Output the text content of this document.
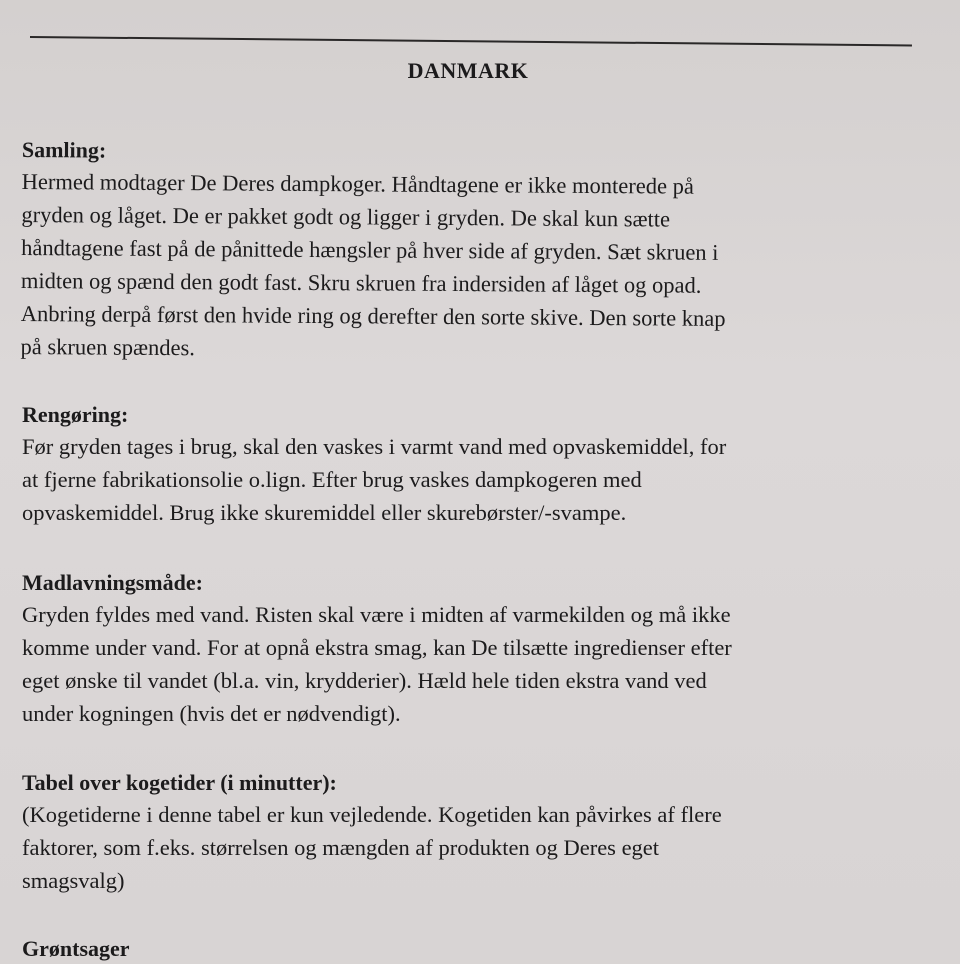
DANMARK

Samling:

Hermed modtager De Deres dampkoger. Håndtagene er ikke monterede på
gryden og låget. De er pakket godt og ligger i gryden. De skal kun sætte
håndtagene fast på de pånittede hængsler på hver side af gryden. Sæt skruen i
midten og spænd den godt fast. Skru skruen fra indersiden af låget og opad.
Anbring derpå først den hvide ring og derefter den sorte skive. Den sorte knap
på skruen spændes.

Rengøring:

Før gryden tages i brug, skal den vaskes i varmt vand med opvaskemiddel, for
at fjerne fabrikationsolie o.lign. Efter brug vaskes dampkogeren med
opvaskemiddel. Brug ikke skuremiddel eller skurebørster/-svampe.

Madlavningsmåde:

Gryden fyldes med vand. Risten skal være i midten af varmekilden og må ikke
komme under vand. For at opnå ekstra smag, kan De tilsætte ingredienser efter
eget ønske til vandet (bl.a. vin, krydderier). Hæld hele tiden ekstra vand ved
under kogningen (hvis det er nødvendigt).

Tabel over kogetider (i minutter):

(Kogetiderne i denne tabel er kun vejledende. Kogetiden kan påvirkes af flere
faktorer, som f.eks. størrelsen og mængden af produkten og Deres eget
smagsvalg)

Grøntsager
